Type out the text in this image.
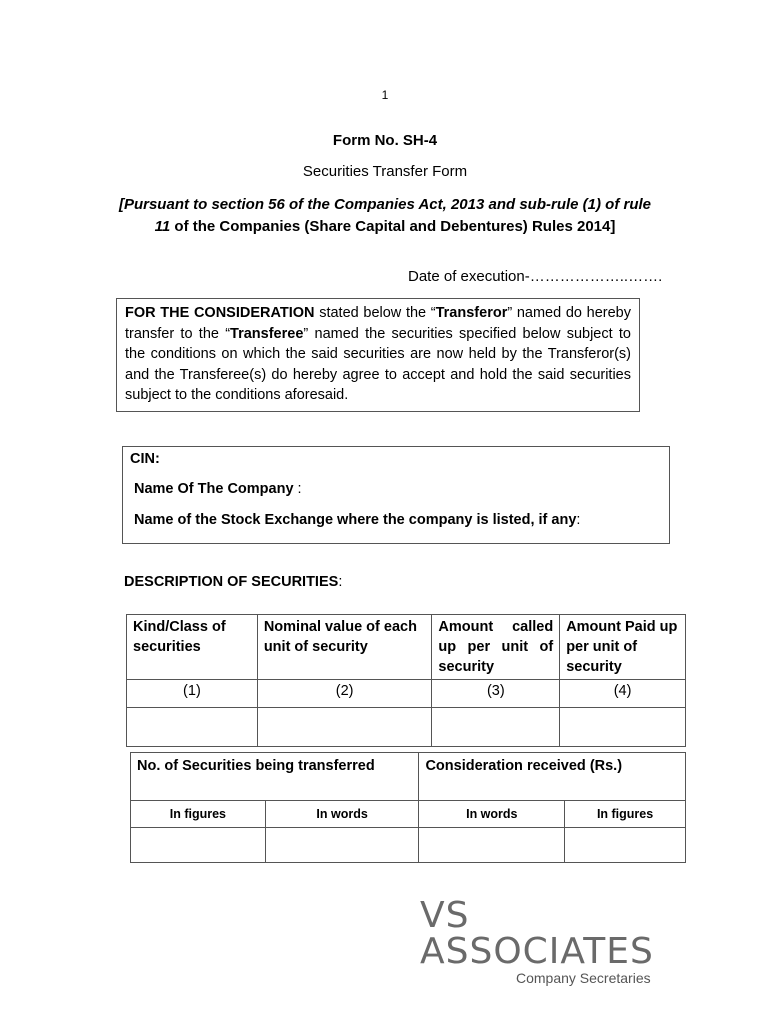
1
Form No. SH-4
Securities Transfer Form
[Pursuant to section 56 of the Companies Act, 2013 and sub-rule (1) of rule
11 of the Companies (Share Capital and Debentures) Rules 2014]
Date of execution-………………..…….
FOR THE CONSIDERATION stated below the “Transferor” named do hereby transfer to the “Transferee” named the securities specified below subject to the conditions on which the said securities are now held by the Transferor(s) and the Transferee(s) do hereby agree to accept and hold the said securities subject to the conditions aforesaid.
CIN:
Name Of The Company :
Name of the Stock Exchange where the company is listed, if any:
DESCRIPTION OF SECURITIES:
Kind/Class of securities	Nominal value of each unit of security	Amount called up per unit of security	Amount Paid up per unit of security
(1)	(2)	(3)	(4)

No. of Securities being transferred		Consideration received (Rs.)	
In figures	In words	In words	In figures

VS ASSOCIATES
Company Secretaries
